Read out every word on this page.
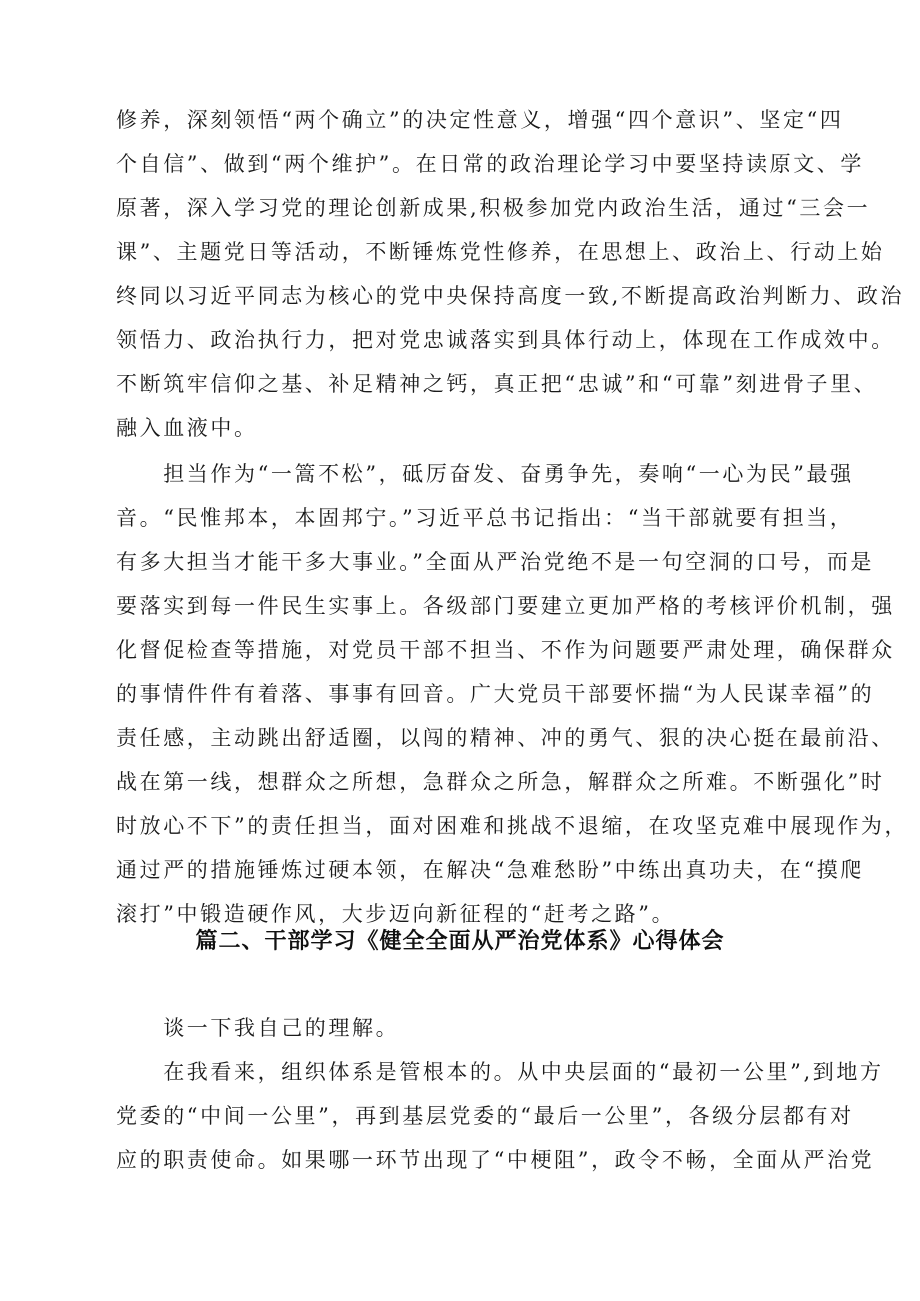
修养，深刻领悟“两个确立”的决定性意义，增强“四个意识”、坚定“四
个自信”、做到“两个维护”。在日常的政治理论学习中要坚持读原文、学
原著，深入学习党的理论创新成果,积极参加党内政治生活，通过“三会一
课”、主题党日等活动，不断锤炼党性修养，在思想上、政治上、行动上始
终同以习近平同志为核心的党中央保持高度一致,不断提高政治判断力、政治
领悟力、政治执行力，把对党忠诚落实到具体行动上，体现在工作成效中。
不断筑牢信仰之基、补足精神之钙，真正把“忠诚”和“可靠”刻进骨子里、
融入血液中。
　　担当作为“一篙不松”，砥厉奋发、奋勇争先，奏响“一心为民”最强
音。“民惟邦本，本固邦宁。”习近平总书记指出：“当干部就要有担当，
有多大担当才能干多大事业。”全面从严治党绝不是一句空洞的口号，而是
要落实到每一件民生实事上。各级部门要建立更加严格的考核评价机制，强
化督促检查等措施，对党员干部不担当、不作为问题要严肃处理，确保群众
的事情件件有着落、事事有回音。广大党员干部要怀揣“为人民谋幸福”的
责任感，主动跳出舒适圈，以闯的精神、冲的勇气、狠的决心挺在最前沿、
战在第一线，想群众之所想，急群众之所急，解群众之所难。不断强化”时
时放心不下”的责任担当，面对困难和挑战不退缩，在攻坚克难中展现作为，
通过严的措施锤炼过硬本领，在解决“急难愁盼”中练出真功夫，在“摸爬
滚打”中锻造硬作风，大步迈向新征程的“赶考之路”。
篇二、干部学习《健全全面从严治党体系》心得体会
　　谈一下我自己的理解。
　　在我看来，组织体系是管根本的。从中央层面的“最初一公里”,到地方
党委的“中间一公里”，再到基层党委的“最后一公里”，各级分层都有对
应的职责使命。如果哪一环节出现了“中梗阻”，政令不畅，全面从严治党
